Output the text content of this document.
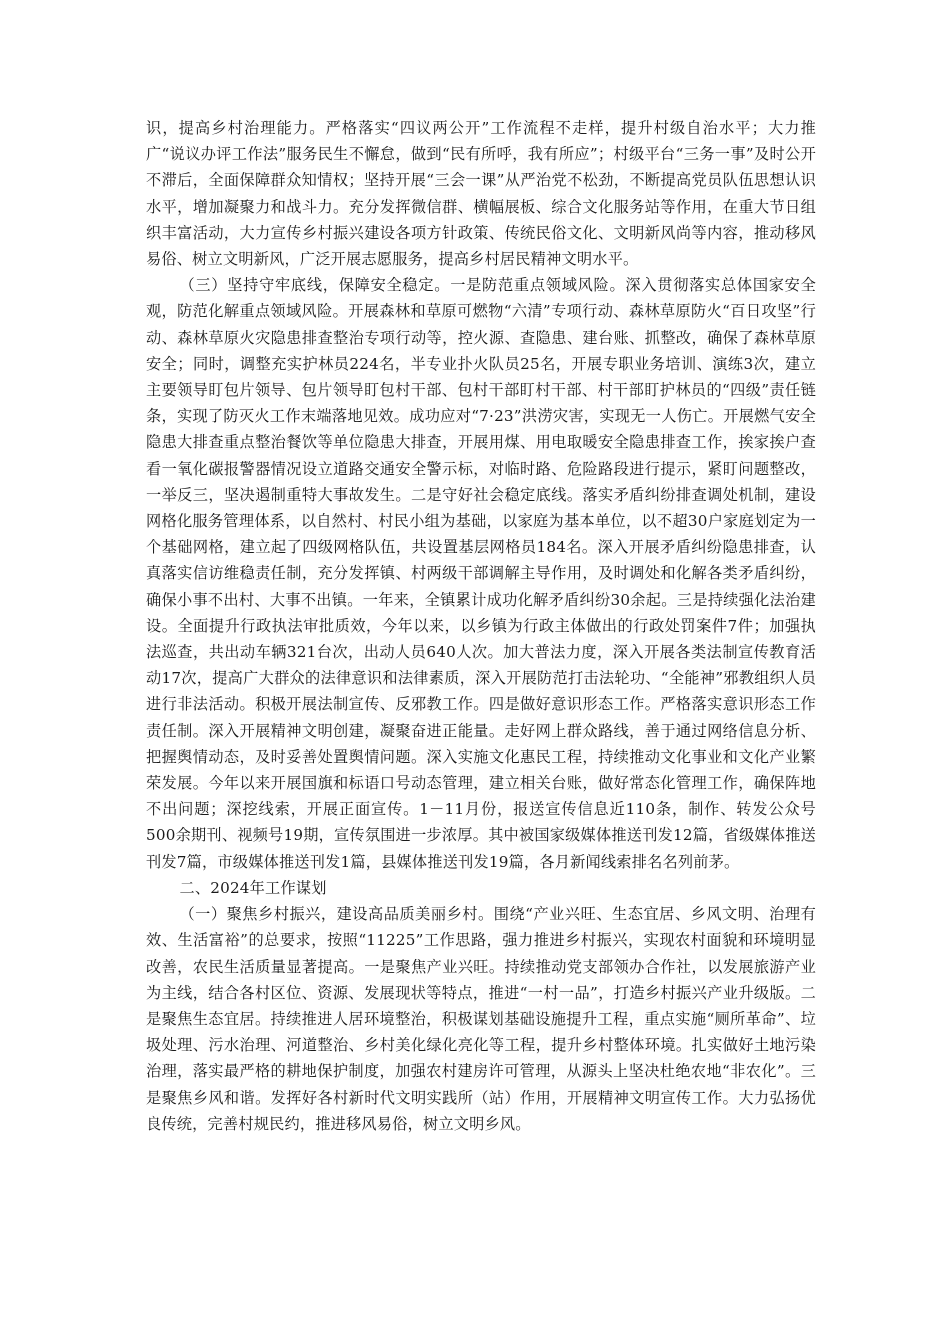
识，提高乡村治理能力。严格落实“四议两公开”工作流程不走样，提升村级自治水平；大力推广“说议办评工作法”服务民生不懈怠，做到“民有所呼，我有所应”；村级平台“三务一事”及时公开不滞后，全面保障群众知情权；坚持开展“三会一课”从严治党不松劲，不断提高党员队伍思想认识水平，增加凝聚力和战斗力。充分发挥微信群、横幅展板、综合文化服务站等作用，在重大节日组织丰富活动，大力宣传乡村振兴建设各项方针政策、传统民俗文化、文明新风尚等内容，推动移风易俗、树立文明新风，广泛开展志愿服务，提高乡村居民精神文明水平。

（三）坚持守牢底线，保障安全稳定。一是防范重点领域风险。深入贯彻落实总体国家安全观，防范化解重点领域风险。开展森林和草原可燃物“六清”专项行动、森林草原防火“百日攻坚”行动、森林草原火灾隐患排查整治专项行动等，控火源、查隐患、建台账、抓整改，确保了森林草原安全；同时，调整充实护林员224名，半专业扑火队员25名，开展专职业务培训、演练3次，建立主要领导盯包片领导、包片领导盯包村干部、包村干部盯村干部、村干部盯护林员的“四级”责任链条，实现了防灭火工作末端落地见效。成功应对“7·23”洪涝灾害，实现无一人伤亡。开展燃气安全隐患大排查重点整治餐饮等单位隐患大排查，开展用煤、用电取暖安全隐患排查工作，挨家挨户查看一氧化碳报警器情况设立道路交通安全警示标，对临时路、危险路段进行提示，紧盯问题整改，一举反三，坚决遏制重特大事故发生。二是守好社会稳定底线。落实矛盾纠纷排查调处机制，建设网格化服务管理体系，以自然村、村民小组为基础，以家庭为基本单位，以不超30户家庭划定为一个基础网格，建立起了四级网格队伍，共设置基层网格员184名。深入开展矛盾纠纷隐患排查，认真落实信访维稳责任制，充分发挥镇、村两级干部调解主导作用，及时调处和化解各类矛盾纠纷，确保小事不出村、大事不出镇。一年来，全镇累计成功化解矛盾纠纷30余起。三是持续强化法治建设。全面提升行政执法审批质效，今年以来，以乡镇为行政主体做出的行政处罚案件7件；加强执法巡查，共出动车辆321台次，出动人员640人次。加大普法力度，深入开展各类法制宣传教育活动17次，提高广大群众的法律意识和法律素质，深入开展防范打击法轮功、“全能神”邪教组织人员进行非法活动。积极开展法制宣传、反邪教工作。四是做好意识形态工作。严格落实意识形态工作责任制。深入开展精神文明创建，凝聚奋进正能量。走好网上群众路线，善于通过网络信息分析、把握舆情动态，及时妥善处置舆情问题。深入实施文化惠民工程，持续推动文化事业和文化产业繁荣发展。今年以来开展国旗和标语口号动态管理，建立相关台账，做好常态化管理工作，确保阵地不出问题；深挖线索，开展正面宣传。1－11月份，报送宣传信息近110条，制作、转发公众号500余期刊、视频号19期，宣传氛围进一步浓厚。其中被国家级媒体推送刊发12篇，省级媒体推送刊发7篇，市级媒体推送刊发1篇，县媒体推送刊发19篇，各月新闻线索排名名列前茅。

二、2024年工作谋划

（一）聚焦乡村振兴，建设高品质美丽乡村。围绕“产业兴旺、生态宜居、乡风文明、治理有效、生活富裕”的总要求，按照“11225”工作思路，强力推进乡村振兴，实现农村面貌和环境明显改善，农民生活质量显著提高。一是聚焦产业兴旺。持续推动党支部领办合作社，以发展旅游产业为主线，结合各村区位、资源、发展现状等特点，推进“一村一品”，打造乡村振兴产业升级版。二是聚焦生态宜居。持续推进人居环境整治，积极谋划基础设施提升工程，重点实施“厕所革命”、垃圾处理、污水治理、河道整治、乡村美化绿化亮化等工程，提升乡村整体环境。扎实做好土地污染治理，落实最严格的耕地保护制度，加强农村建房许可管理，从源头上坚决杜绝农地“非农化”。三是聚焦乡风和谐。发挥好各村新时代文明实践所（站）作用，开展精神文明宣传工作。大力弘扬优良传统，完善村规民约，推进移风易俗，树立文明乡风。
